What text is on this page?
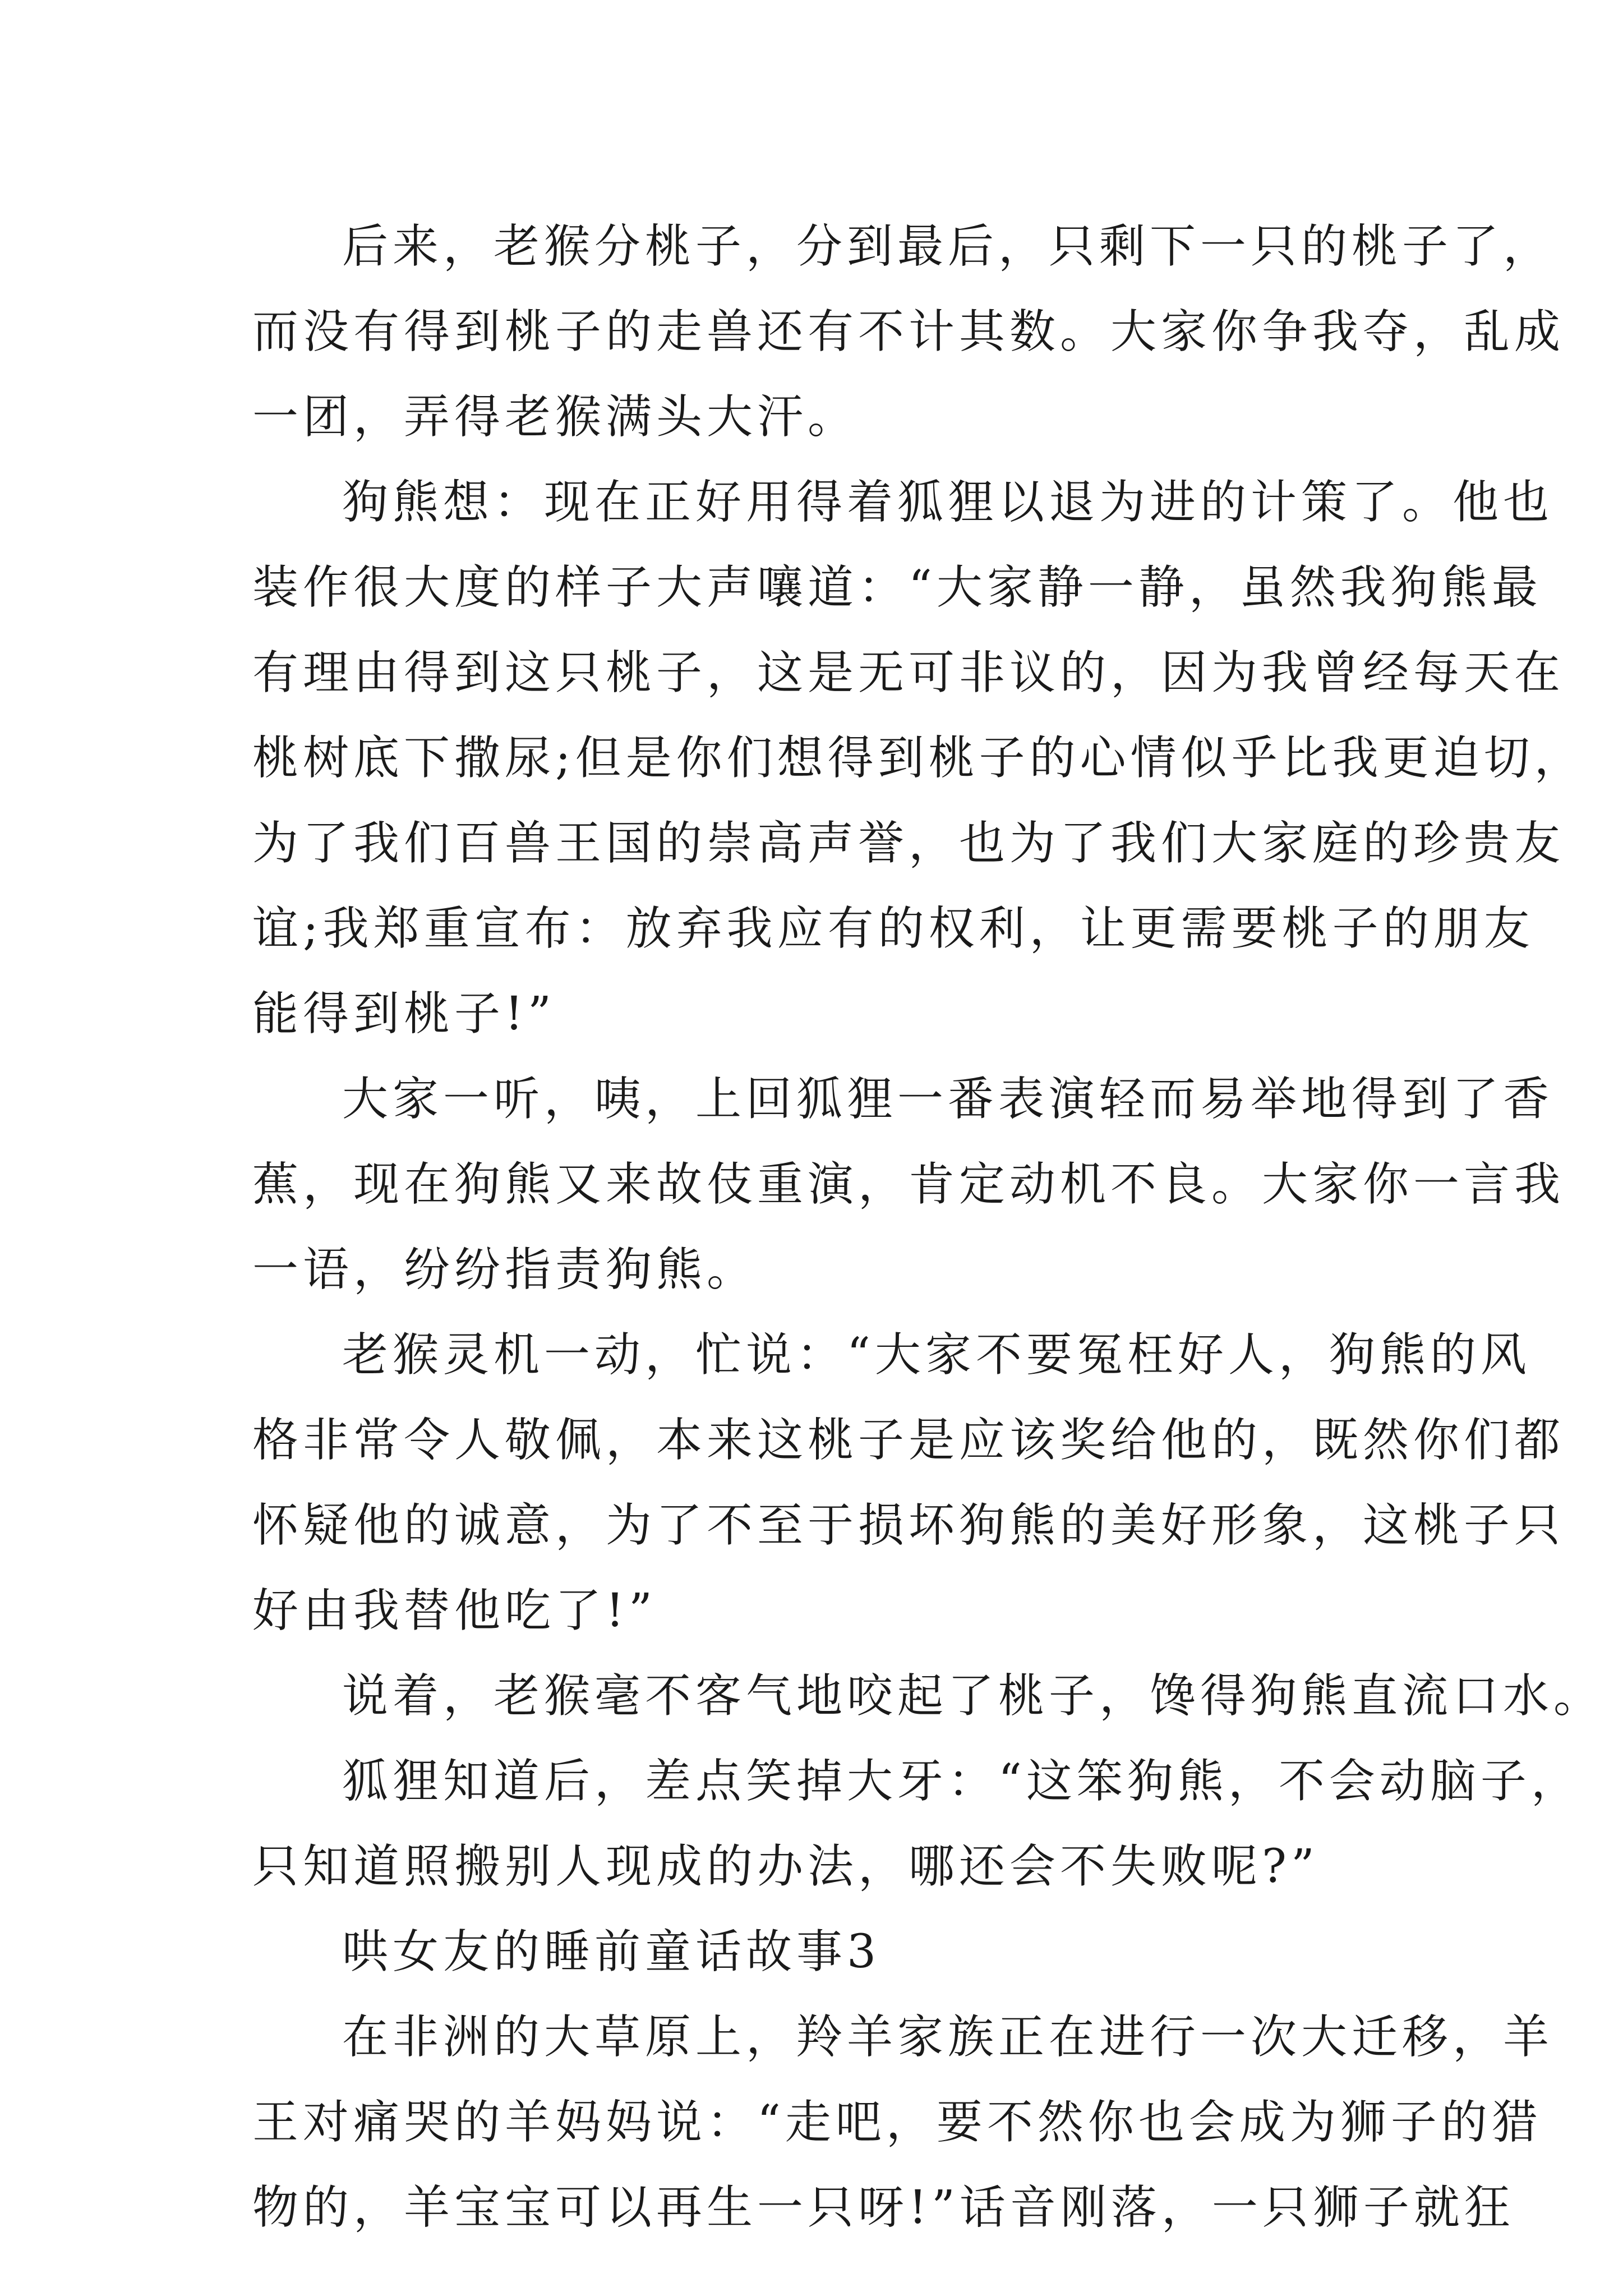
后来，老猴分桃子，分到最后，只剩下一只的桃子了，
而没有得到桃子的走兽还有不计其数。大家你争我夺，乱成
一团，弄得老猴满头大汗。
狗熊想：现在正好用得着狐狸以退为进的计策了。他也
装作很大度的样子大声嚷道：“大家静一静，虽然我狗熊最
有理由得到这只桃子，这是无可非议的，因为我曾经每天在
桃树底下撒尿;但是你们想得到桃子的心情似乎比我更迫切，
为了我们百兽王国的崇高声誉，也为了我们大家庭的珍贵友
谊;我郑重宣布：放弃我应有的权利，让更需要桃子的朋友
能得到桃子!”
大家一听，咦，上回狐狸一番表演轻而易举地得到了香
蕉，现在狗熊又来故伎重演，肯定动机不良。大家你一言我
一语，纷纷指责狗熊。
老猴灵机一动，忙说：“大家不要冤枉好人，狗熊的风
格非常令人敬佩，本来这桃子是应该奖给他的，既然你们都
怀疑他的诚意，为了不至于损坏狗熊的美好形象，这桃子只
好由我替他吃了!”
说着，老猴毫不客气地咬起了桃子，馋得狗熊直流口水。
狐狸知道后，差点笑掉大牙：“这笨狗熊，不会动脑子，
只知道照搬别人现成的办法，哪还会不失败呢?”
哄女友的睡前童话故事3
在非洲的大草原上，羚羊家族正在进行一次大迁移，羊
王对痛哭的羊妈妈说：“走吧，要不然你也会成为狮子的猎
物的，羊宝宝可以再生一只呀!”话音刚落，一只狮子就狂
